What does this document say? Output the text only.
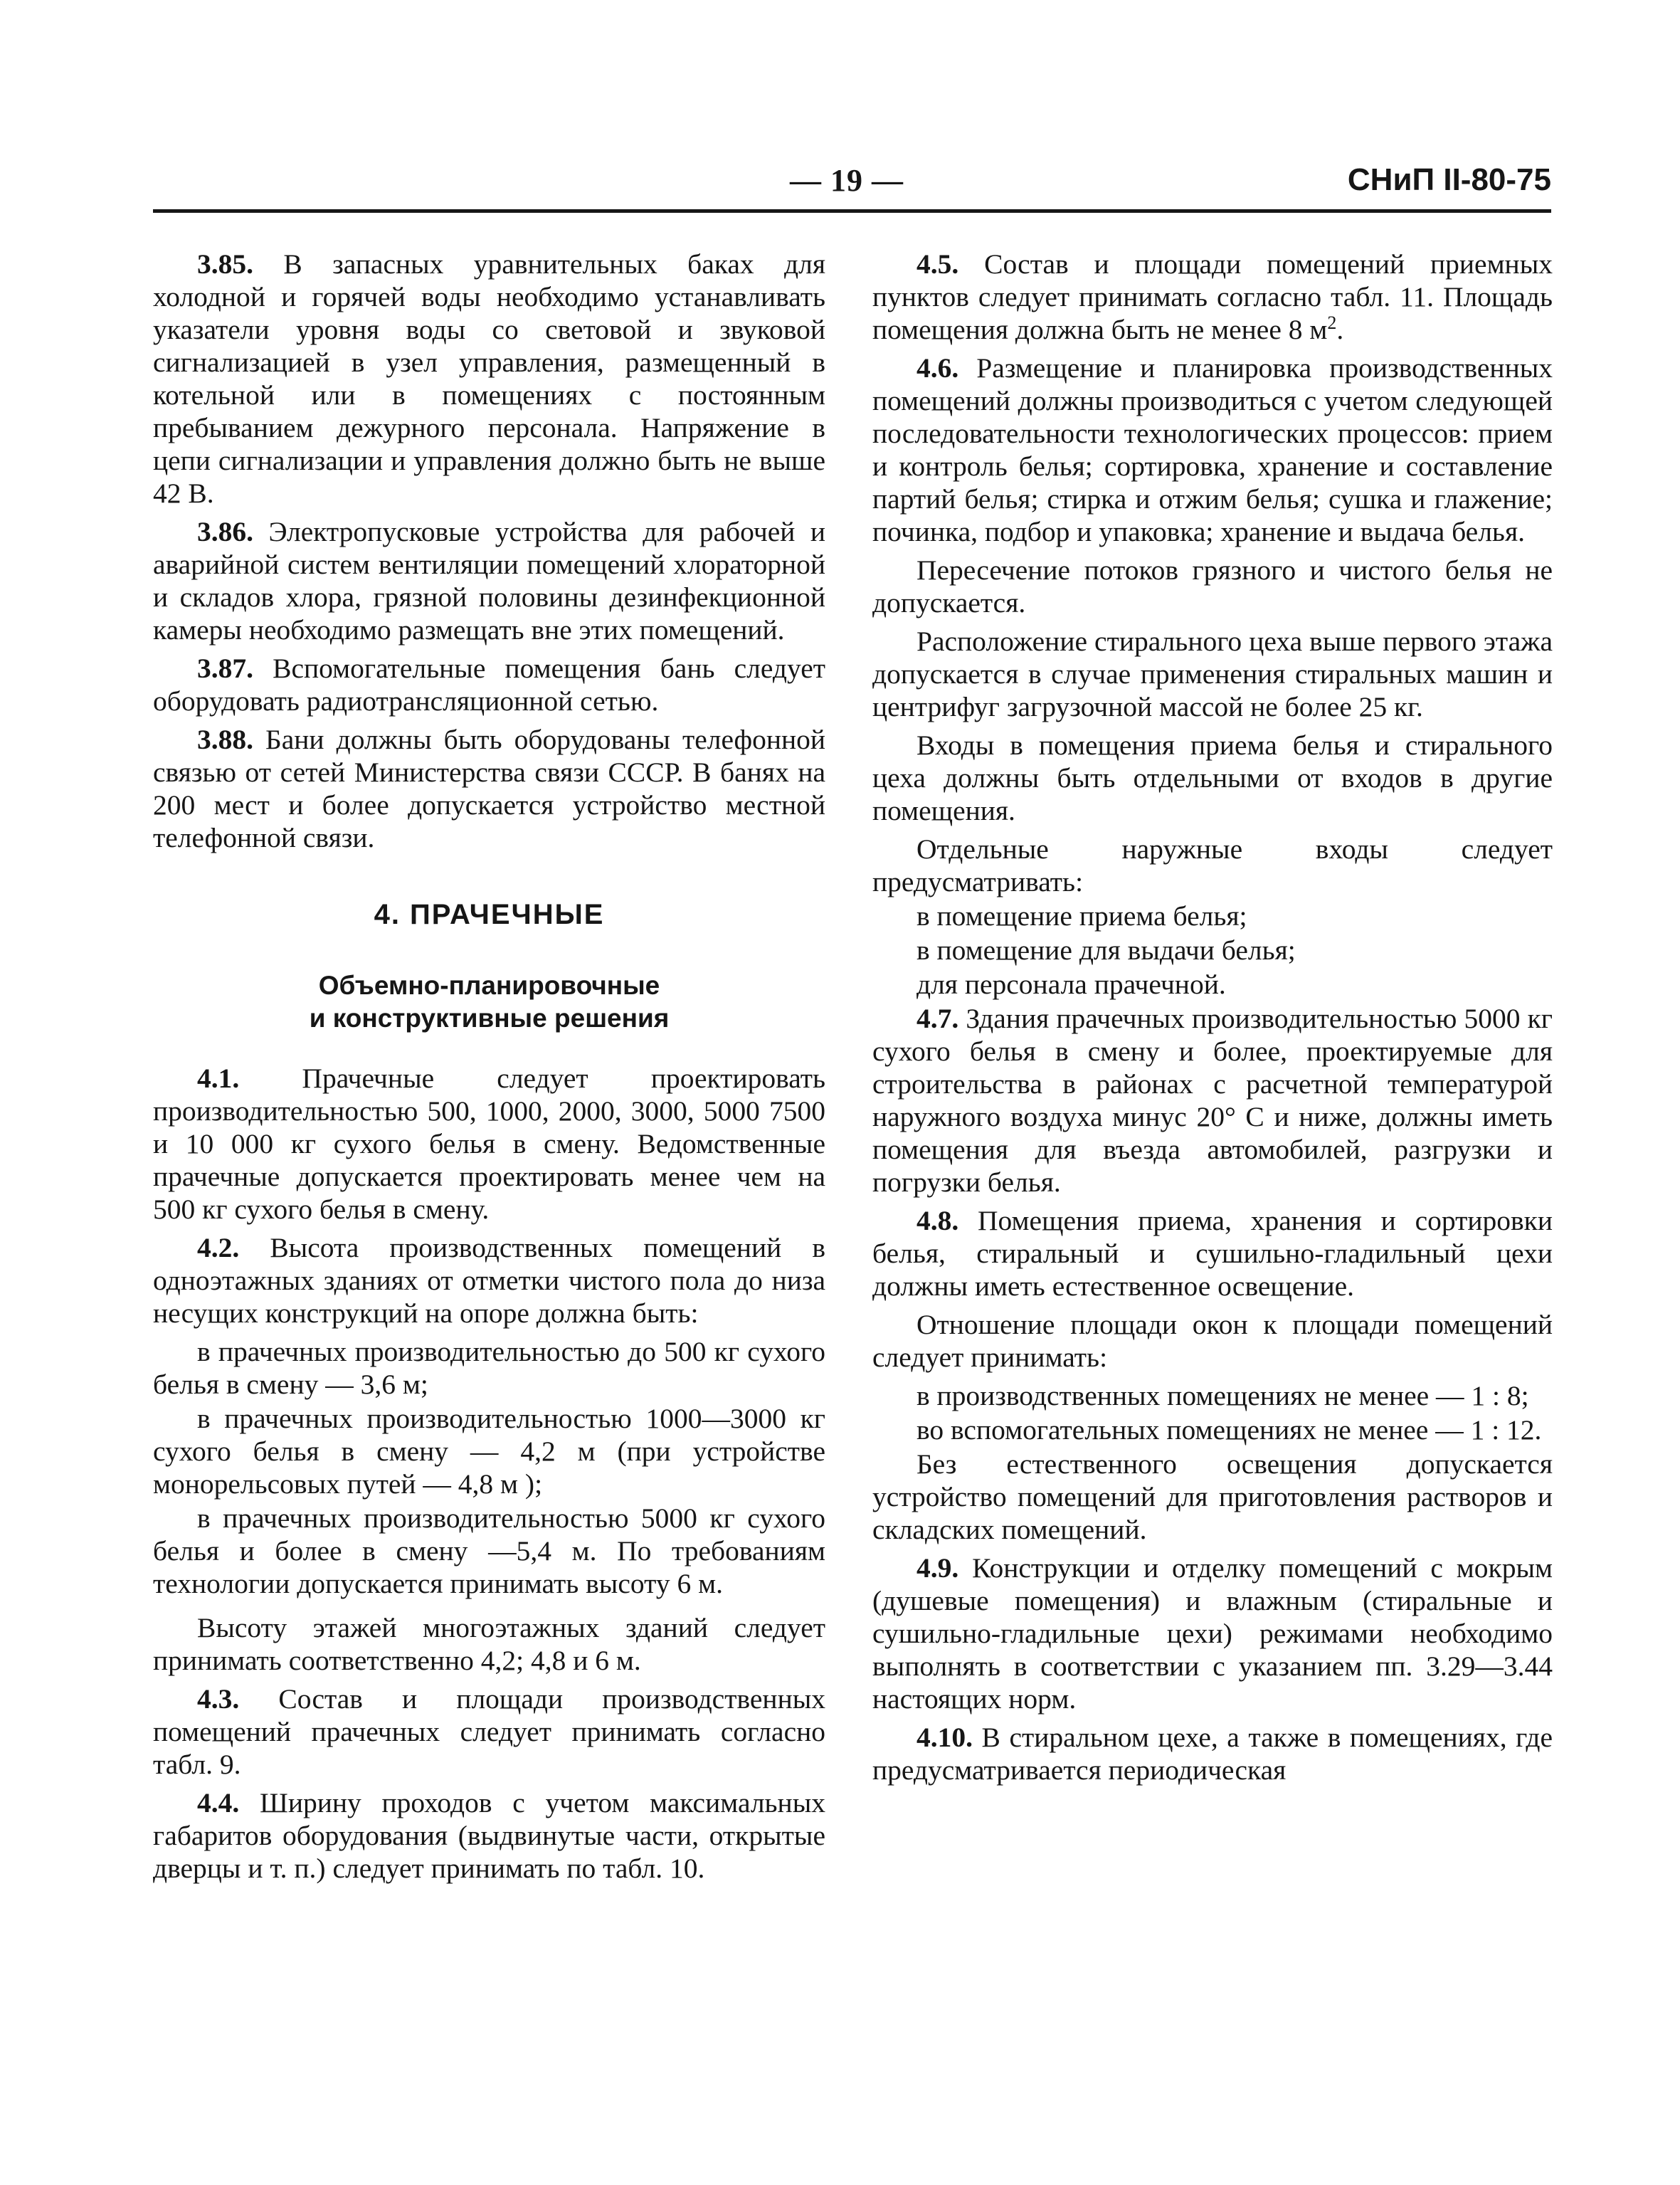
— 19 —	СНиП II-80-75

3.85. В запасных уравнительных баках для холодной и горячей воды необходимо устанавливать указатели уровня воды со световой и звуковой сигнализацией в узел управления, размещенный в котельной или в помещениях с постоянным пребыванием дежурного персонала. Напряжение в цепи сигнализации и управления должно быть не выше 42 В.

3.86. Электропусковые устройства для рабочей и аварийной систем вентиляции помещений хлораторной и складов хлора, грязной половины дезинфекционной камеры необходимо размещать вне этих помещений.

3.87. Вспомогательные помещения бань следует оборудовать радиотрансляционной сетью.

3.88. Бани должны быть оборудованы телефонной связью от сетей Министерства связи СССР. В банях на 200 мест и более допускается устройство местной телефонной связи.

4. ПРАЧЕЧНЫЕ
Объемно-планировочные
и конструктивные решения

4.1. Прачечные следует проектировать производительностью 500, 1000, 2000, 3000, 5000 7500 и 10 000 кг сухого белья в смену. Ведомственные прачечные допускается проектировать менее чем на 500 кг сухого белья в смену.

4.2. Высота производственных помещений в одноэтажных зданиях от отметки чистого пола до низа несущих конструкций на опоре должна быть:

в прачечных производительностью до 500 кг сухого белья в смену — 3,6 м;

в прачечных производительностью 1000—3000 кг сухого белья в смену — 4,2 м (при устройстве монорельсовых путей — 4,8 м );

в прачечных производительностью 5000 кг сухого белья и более в смену —5,4 м. По требованиям технологии допускается принимать высоту 6 м.

Высоту этажей многоэтажных зданий следует принимать соответственно 4,2; 4,8 и 6 м.

4.3. Состав и площади производственных помещений прачечных следует принимать согласно табл. 9.

4.4. Ширину проходов с учетом максимальных габаритов оборудования (выдвинутые части, открытые дверцы и т. п.) следует принимать по табл. 10.

4.5. Состав и площади помещений приемных пунктов следует принимать согласно табл. 11. Площадь помещения должна быть не менее 8 $м^2$.

4.6. Размещение и планировка производственных помещений должны производиться с учетом следующей последовательности технологических процессов: прием и контроль белья; сортировка, хранение и составление партий белья; стирка и отжим белья; сушка и глажение; починка, подбор и упаковка; хранение и выдача белья.

Пересечение потоков грязного и чистого белья не допускается.

Расположение стирального цеха выше первого этажа допускается в случае применения стиральных машин и центрифуг загрузочной массой не более 25 кг.

Входы в помещения приема белья и стирального цеха должны быть отдельными от входов в другие помещения.

Отдельные наружные входы следует предусматривать:

в помещение приема белья;

в помещение для выдачи белья;

для персонала прачечной.

4.7. Здания прачечных производительностью 5000 кг сухого белья в смену и более, проектируемые для строительства в районах с расчетной температурой наружного воздуха минус 20° С и ниже, должны иметь помещения для въезда автомобилей, разгрузки и погрузки белья.

4.8. Помещения приема, хранения и сортировки белья, стиральный и сушильно-гладильный цехи должны иметь естественное освещение.

Отношение площади окон к площади помещений следует принимать:

в производственных помещениях не менее — 1 : 8;

во вспомогательных помещениях не менее — 1 : 12.

Без естественного освещения допускается устройство помещений для приготовления растворов и складских помещений.

4.9. Конструкции и отделку помещений с мокрым (душевые помещения) и влажным (стиральные и сушильно-гладильные цехи) режимами необходимо выполнять в соответствии с указанием пп. 3.29—3.44 настоящих норм.

4.10. В стиральном цехе, а также в помещениях, где предусматривается периодическая
